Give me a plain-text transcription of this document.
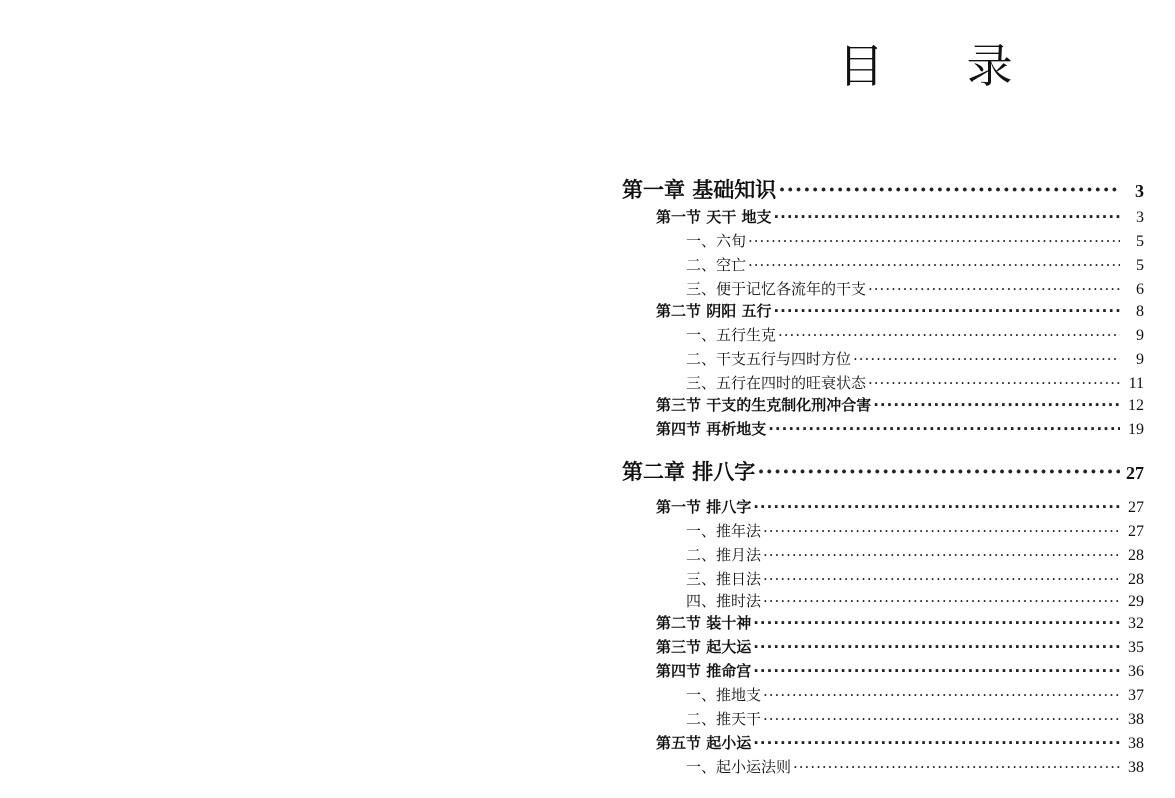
目 录
第一章 基础知识 ·····	3
第一节 天干 地支 ·····	3
一、六旬 ·····	5
二、空亡 ·····	5
三、便于记忆各流年的干支 ·····	6
第二节 阴阳 五行 ·····	8
一、五行生克 ·····	9
二、干支五行与四时方位 ·····	9
三、五行在四时的旺衰状态 ·····	11
第三节 干支的生克制化刑冲合害 ·····	12
第四节 再析地支 ·····	19
第二章 排八字 ·····	27
第一节 排八字 ·····	27
一、推年法 ·····	27
二、推月法 ·····	28
三、推日法 ·····	28
四、推时法 ·····	29
第二节 装十神 ·····	32
第三节 起大运 ·····	35
第四节 推命宫 ·····	36
一、推地支 ·····	37
二、推天干 ·····	38
第五节 起小运 ·····	38
一、起小运法则 ·····	38
